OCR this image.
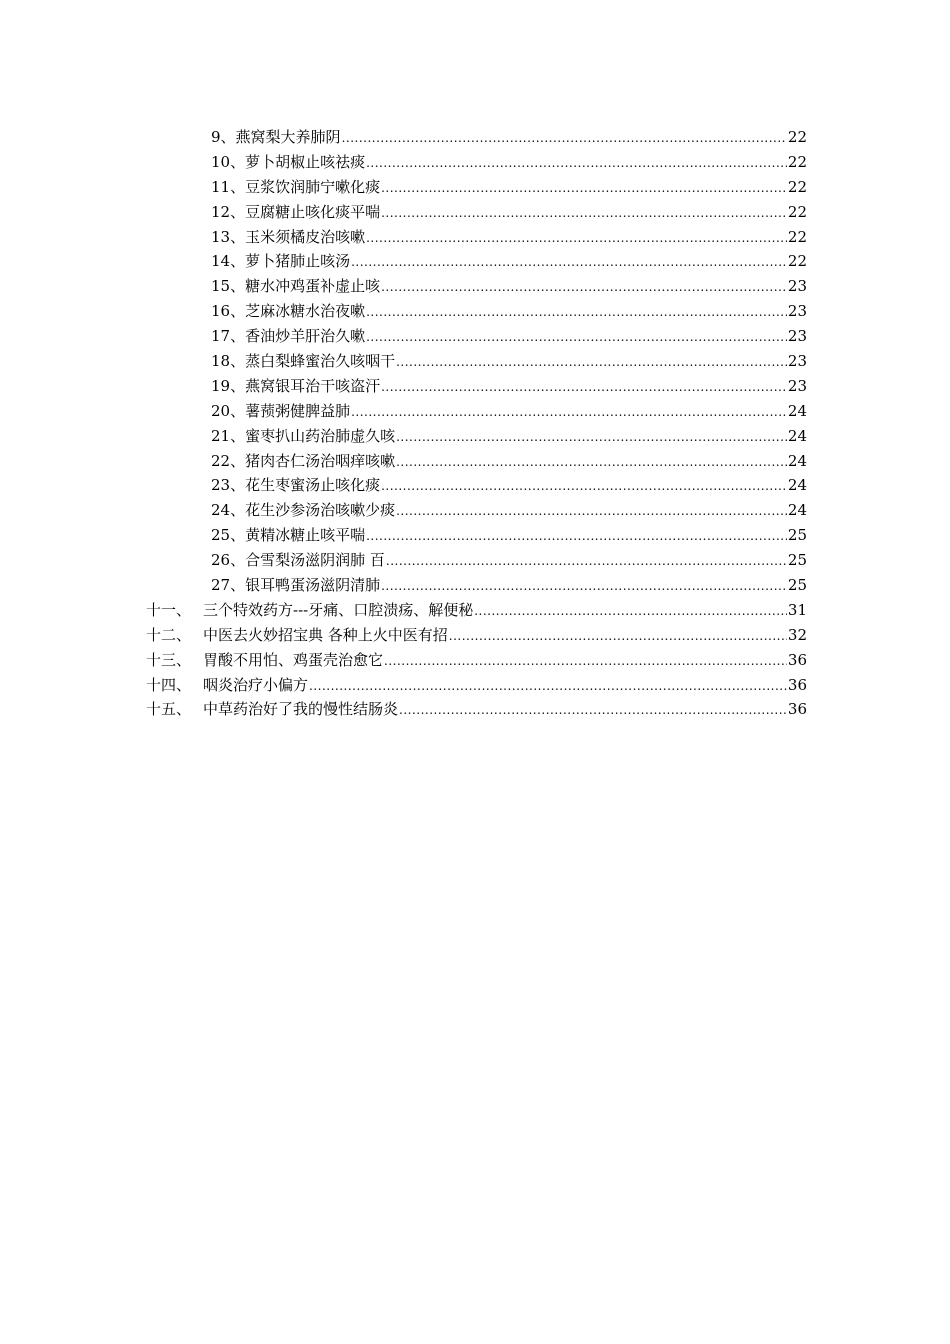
9、 燕窝梨大养肺阴 .....	22
10、 萝卜胡椒止咳祛痰 .....	22
11、 豆浆饮润肺宁嗽化痰 .....	22
12、 豆腐糖止咳化痰平喘 .....	22
13、 玉米须橘皮治咳嗽 .....	22
14、 萝卜猪肺止咳汤 .....	22
15、 糖水冲鸡蛋补虚止咳 .....	23
16、 芝麻冰糖水治夜嗽 .....	23
17、 香油炒羊肝治久嗽 .....	23
18、 蒸白梨蜂蜜治久咳咽干 .....	23
19、 燕窝银耳治干咳盗汗 .....	23
20、 薯蓣粥健脾益肺 .....	24
21、 蜜枣扒山药治肺虚久咳 .....	24
22、 猪肉杏仁汤治咽痒咳嗽 .....	24
23、 花生枣蜜汤止咳化痰 .....	24
24、 花生沙参汤治咳嗽少痰 .....	24
25、 黄精冰糖止咳平喘 .....	25
26、 合雪梨汤滋阴润肺 百 .....	25
27、 银耳鸭蛋汤滋阴清肺 .....	25
十一、 三个特效药方---牙痛、口腔溃疡、解便秘 .....	31
十二、 中医去火妙招宝典 各种上火中医有招 .....	32
十三、 胃酸不用怕、鸡蛋壳治愈它 .....	36
十四、 咽炎治疗小偏方 .....	36
十五、 中草药治好了我的慢性结肠炎 .....	36
